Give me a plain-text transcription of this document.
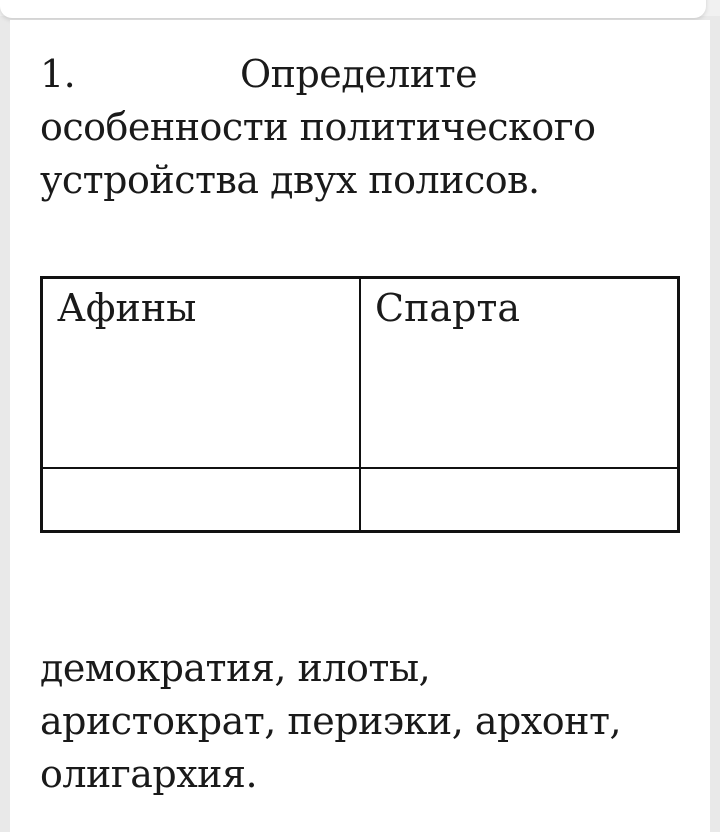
1.	Определите
особенности политического
устройства двух полисов.
Афины	Спарта
демократия, илоты,
аристократ, периэки, архонт,
олигархия.
